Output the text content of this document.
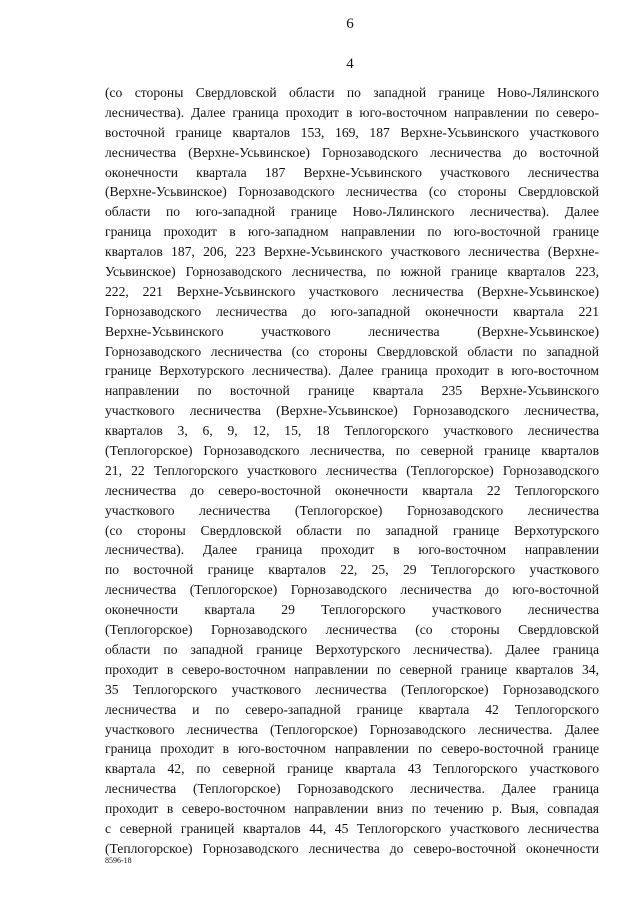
6
4
(со стороны Свердловской области по западной границе Ново-Лялинского
лесничества). Далее граница проходит в юго-восточном направлении по северо-
восточной границе кварталов 153, 169, 187 Верхне-Усьвинского участкового
лесничества (Верхне-Усьвинское) Горнозаводского лесничества до восточной
оконечности квартала 187 Верхне-Усьвинского участкового лесничества
(Верхне-Усьвинское) Горнозаводского лесничества (со стороны Свердловской
области по юго-западной границе Ново-Лялинского лесничества). Далее
граница проходит в юго-западном направлении по юго-восточной границе
кварталов 187, 206, 223 Верхне-Усьвинского участкового лесничества (Верхне-
Усьвинское) Горнозаводского лесничества, по южной границе кварталов 223,
222, 221 Верхне-Усьвинского участкового лесничества (Верхне-Усьвинское)
Горнозаводского лесничества до юго-западной оконечности квартала 221
Верхне-Усьвинского участкового лесничества (Верхне-Усьвинское)
Горнозаводского лесничества (со стороны Свердловской области по западной
границе Верхотурского лесничества). Далее граница проходит в юго-восточном
направлении по восточной границе квартала 235 Верхне-Усьвинского
участкового лесничества (Верхне-Усьвинское) Горнозаводского лесничества,
кварталов 3, 6, 9, 12, 15, 18 Теплогорского участкового лесничества
(Теплогорское) Горнозаводского лесничества, по северной границе кварталов
21, 22 Теплогорского участкового лесничества (Теплогорское) Горнозаводского
лесничества до северо-восточной оконечности квартала 22 Теплогорского
участкового лесничества (Теплогорское) Горнозаводского лесничества
(со стороны Свердловской области по западной границе Верхотурского
лесничества). Далее граница проходит в юго-восточном направлении
по восточной границе кварталов 22, 25, 29 Теплогорского участкового
лесничества (Теплогорское) Горнозаводского лесничества до юго-восточной
оконечности квартала 29 Теплогорского участкового лесничества
(Теплогорское) Горнозаводского лесничества (со стороны Свердловской
области по западной границе Верхотурского лесничества). Далее граница
проходит в северо-восточном направлении по северной границе кварталов 34,
35 Теплогорского участкового лесничества (Теплогорское) Горнозаводского
лесничества и по северо-западной границе квартала 42 Теплогорского
участкового лесничества (Теплогорское) Горнозаводского лесничества. Далее
граница проходит в юго-восточном направлении по северо-восточной границе
квартала 42, по северной границе квартала 43 Теплогорского участкового
лесничества (Теплогорское) Горнозаводского лесничества. Далее граница
проходит в северо-восточном направлении вниз по течению р. Выя, совпадая
с северной границей кварталов 44, 45 Теплогорского участкового лесничества
(Теплогорское) Горнозаводского лесничества до северо-восточной оконечности
8596-18
